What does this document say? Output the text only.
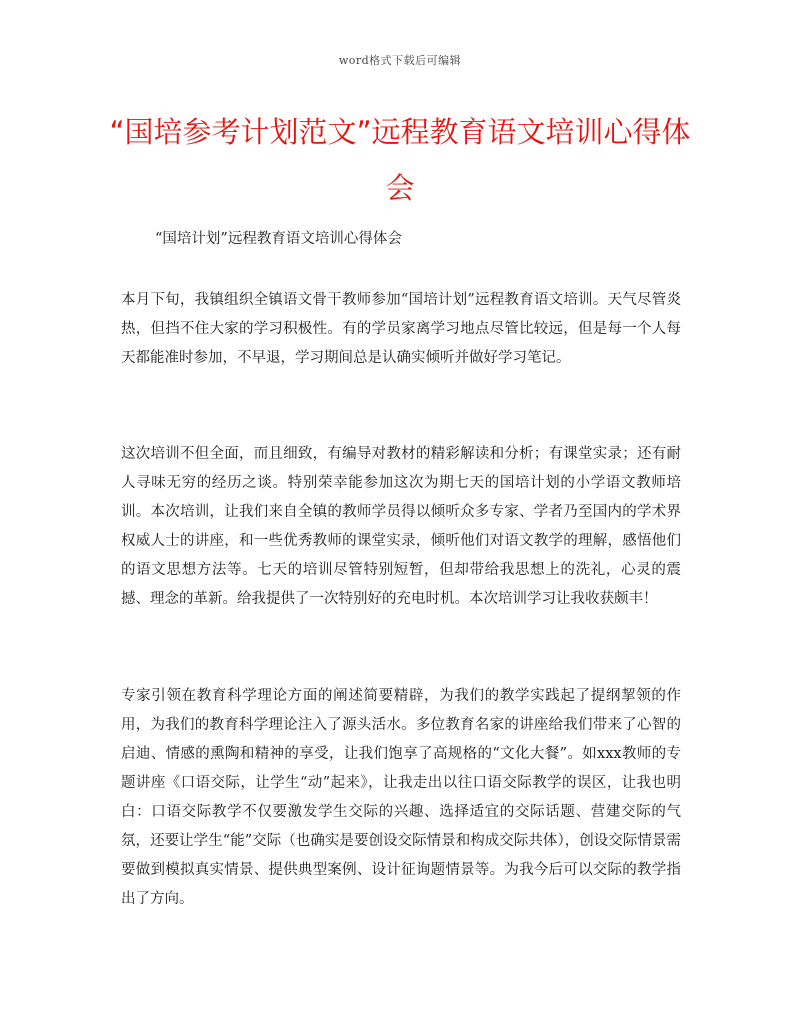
word格式下载后可编辑
“国培参考计划范文”远程教育语文培训心得体会

“国培计划”远程教育语文培训心得体会

本月下旬，我镇组织全镇语文骨干教师参加“国培计划”远程教育语文培训。天气尽管炎热，但挡不住大家的学习积极性。有的学员家离学习地点尽管比较远，但是每一个人每天都能准时参加，不早退，学习期间总是认确实倾听并做好学习笔记。

这次培训不但全面，而且细致，有编导对教材的精彩解读和分析；有课堂实录；还有耐人寻味无穷的经历之谈。特别荣幸能参加这次为期七天的国培计划的小学语文教师培训。本次培训，让我们来自全镇的教师学员得以倾听众多专家、学者乃至国内的学术界权威人士的讲座，和一些优秀教师的课堂实录，倾听他们对语文教学的理解，感悟他们的语文思想方法等。七天的培训尽管特别短暂，但却带给我思想上的洗礼，心灵的震撼、理念的革新。给我提供了一次特别好的充电时机。本次培训学习让我收获颇丰！

专家引领在教育科学理论方面的阐述简要精辟，为我们的教学实践起了提纲挈领的作用，为我们的教育科学理论注入了源头活水。多位教育名家的讲座给我们带来了心智的启迪、情感的熏陶和精神的享受，让我们饱享了高规格的“文化大餐”。如xxx教师的专题讲座《口语交际，让学生“动”起来》，让我走出以往口语交际教学的误区，让我也明白：口语交际教学不仅要激发学生交际的兴趣、选择适宜的交际话题、营建交际的气氛，还要让学生“能”交际（也确实是要创设交际情景和构成交际共体），创设交际情景需要做到模拟真实情景、提供典型案例、设计征询题情景等。为我今后可以交际的教学指出了方向。
